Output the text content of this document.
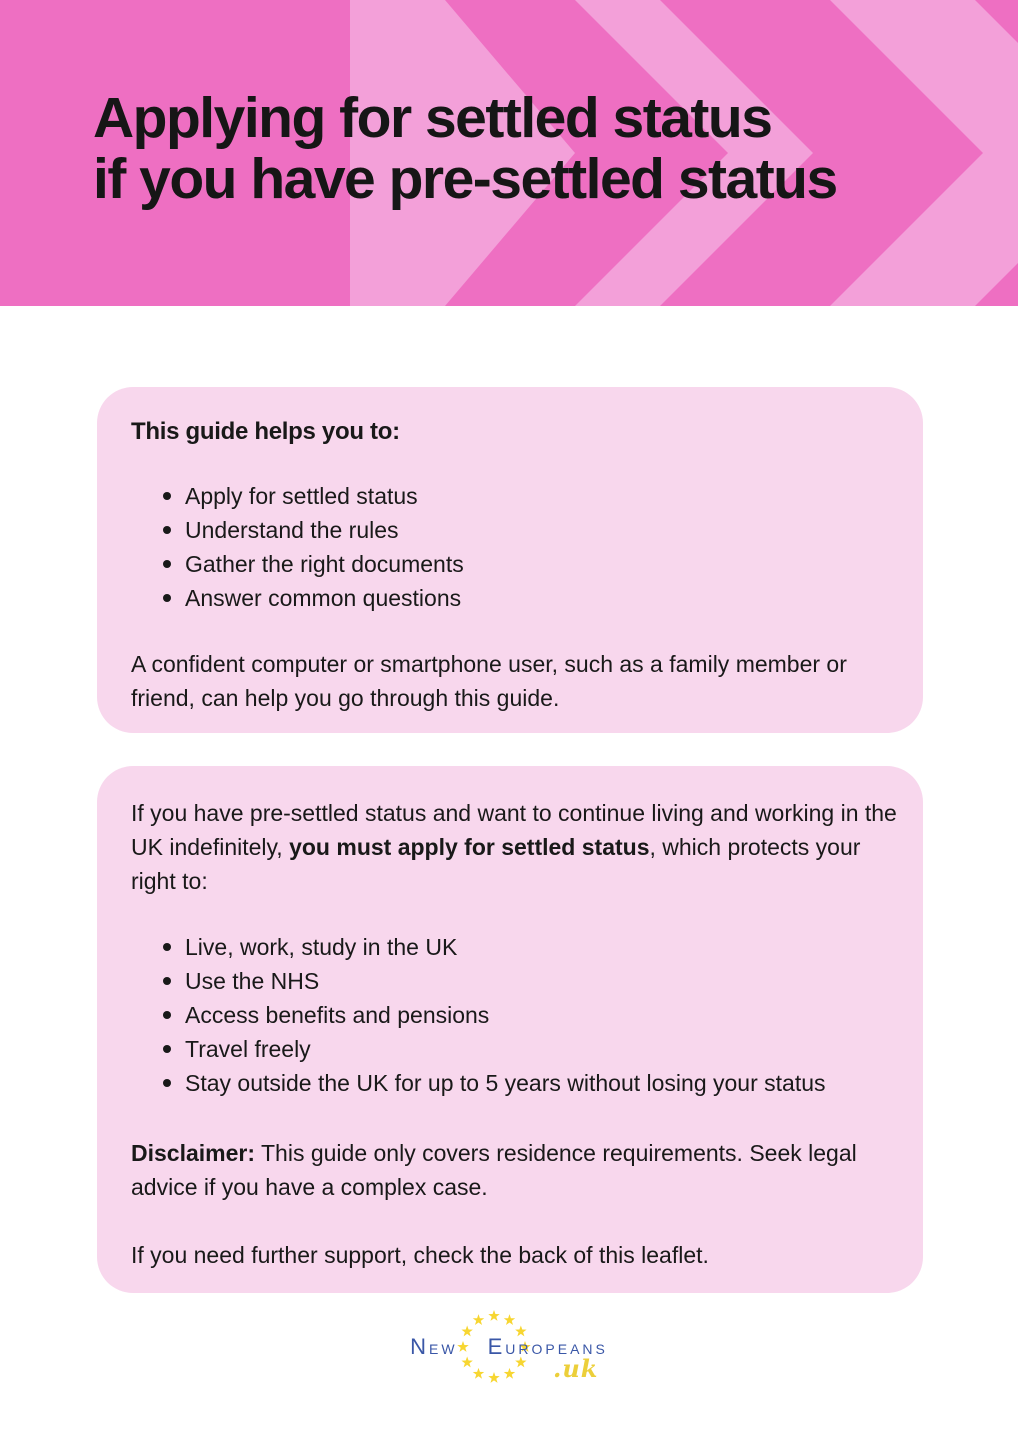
Applying for settled status
if you have pre-settled status
This guide helps you to:
Apply for settled status
Understand the rules
Gather the right documents
Answer common questions

A confident computer or smartphone user, such as a family member or friend, can help you go through this guide.

If you have pre-settled status and want to continue living and working in the UK indefinitely, you must apply for settled status, which protects your right to:

Live, work, study in the UK
Use the NHS
Access benefits and pensions
Travel freely
Stay outside the UK for up to 5 years without losing your status

Disclaimer: This guide only covers residence requirements. Seek legal advice if you have a complex case.

If you need further support, check the back of this leaflet.

NEW EUROPEANS
.uk
